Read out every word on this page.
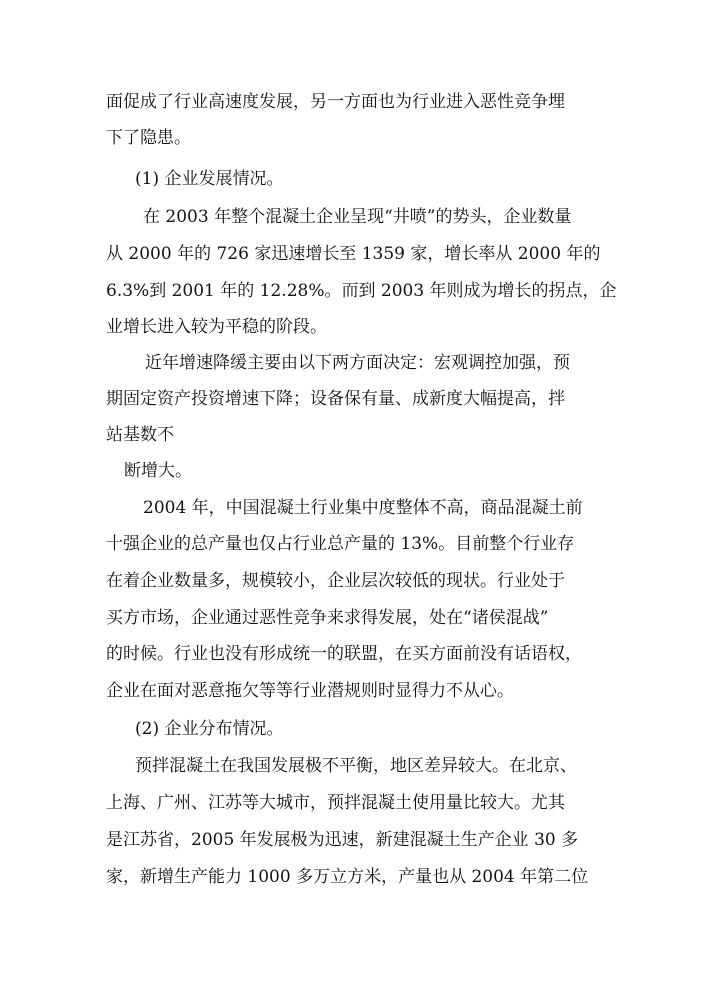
面促成了行业高速度发展，另一方面也为行业进入恶性竞争埋

下了隐患。

(1) 企业发展情况。

在 2003 年整个混凝土企业呈现“井喷”的势头，企业数量

从 2000 年的 726 家迅速增长至 1359 家，增长率从 2000 年的

6.3%到 2001 年的 12.28%。而到 2003 年则成为增长的拐点，企

业增长进入较为平稳的阶段。

近年增速降缓主要由以下两方面决定：宏观调控加强，预

期固定资产投资增速下降；设备保有量、成新度大幅提高，拌

站基数不

断增大。

2004 年，中国混凝土行业集中度整体不高，商品混凝土前

十强企业的总产量也仅占行业总产量的 13%。目前整个行业存

在着企业数量多，规模较小，企业层次较低的现状。行业处于

买方市场，企业通过恶性竞争来求得发展，处在“诸侯混战”

的时候。行业也没有形成统一的联盟，在买方面前没有话语权，

企业在面对恶意拖欠等等行业潜规则时显得力不从心。

(2) 企业分布情况。

预拌混凝土在我国发展极不平衡，地区差异较大。在北京、

上海、广州、江苏等大城市，预拌混凝土使用量比较大。尤其

是江苏省，2005 年发展极为迅速，新建混凝土生产企业 30 多

家，新增生产能力 1000 多万立方米，产量也从 2004 年第二位
